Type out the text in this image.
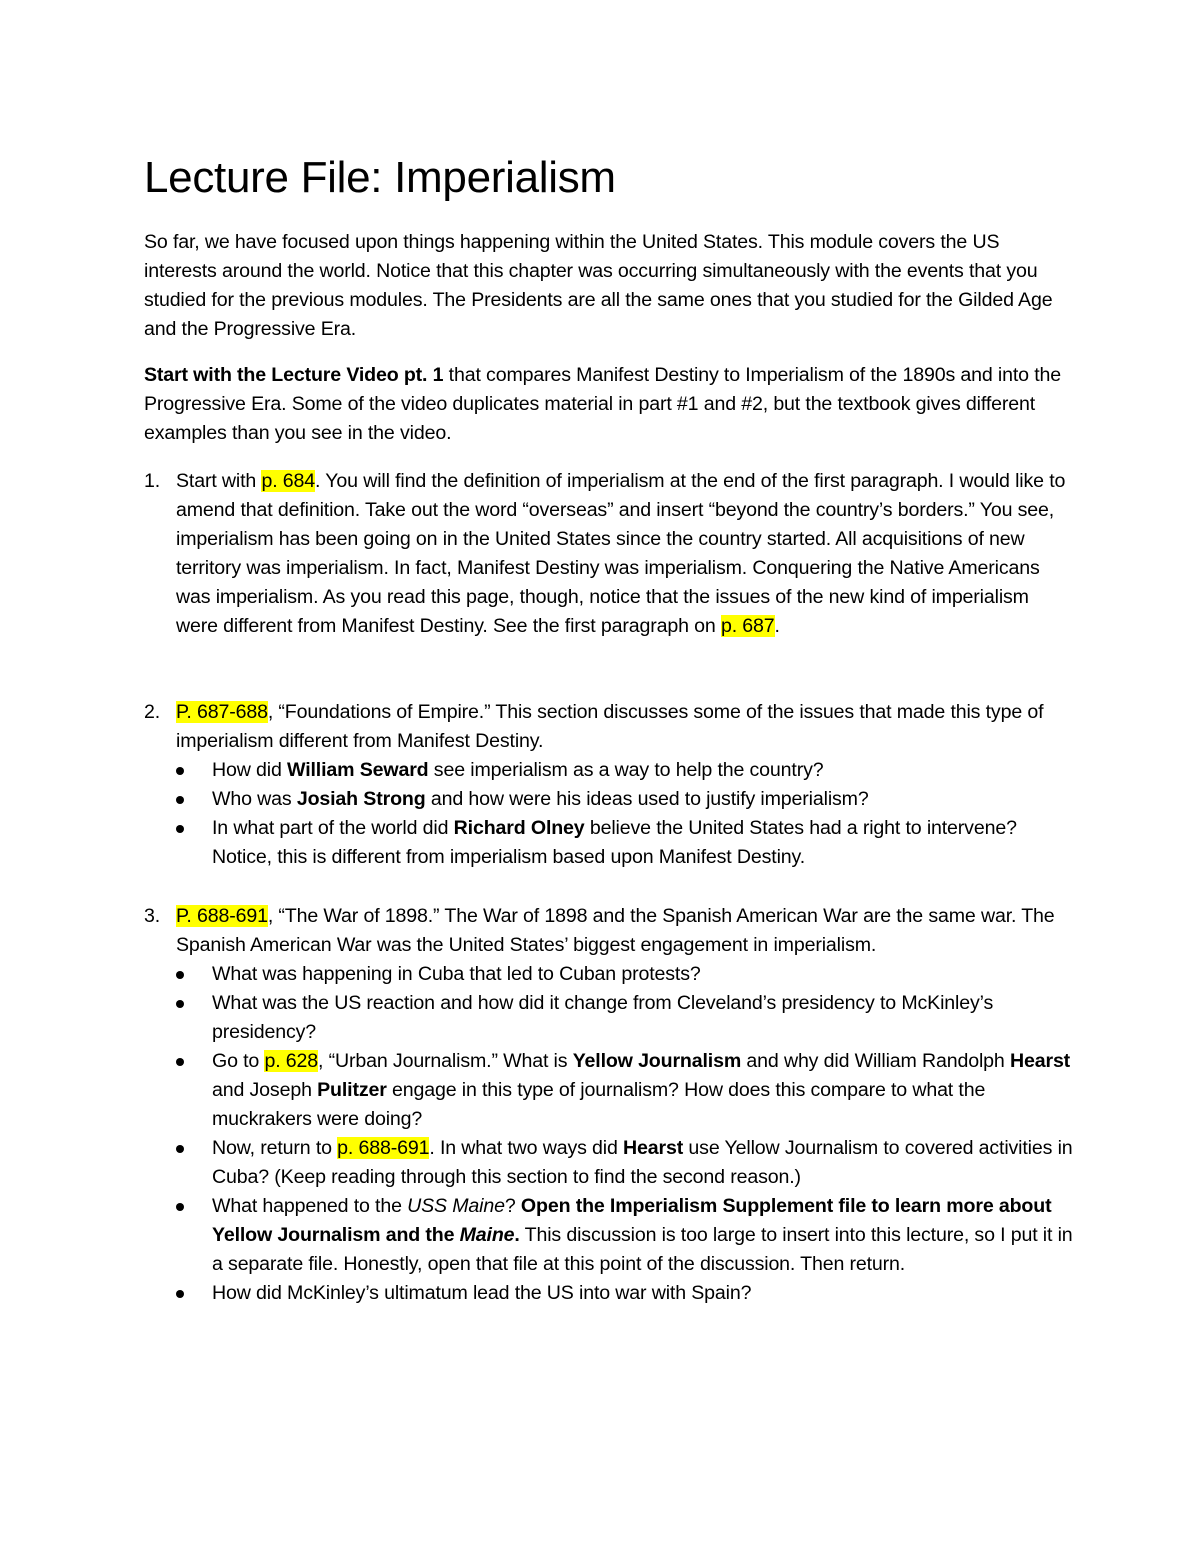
Lecture File: Imperialism
So far, we have focused upon things happening within the United States. This module covers the US interests around the world. Notice that this chapter was occurring simultaneously with the events that you studied for the previous modules. The Presidents are all the same ones that you studied for the Gilded Age and the Progressive Era.
Start with the Lecture Video pt. 1 that compares Manifest Destiny to Imperialism of the 1890s and into the Progressive Era. Some of the video duplicates material in part #1 and #2, but the textbook gives different examples than you see in the video.
1. Start with p. 684. You will find the definition of imperialism at the end of the first paragraph. I would like to amend that definition. Take out the word “overseas” and insert “beyond the country’s borders.” You see, imperialism has been going on in the United States since the country started. All acquisitions of new territory was imperialism. In fact, Manifest Destiny was imperialism. Conquering the Native Americans was imperialism. As you read this page, though, notice that the issues of the new kind of imperialism were different from Manifest Destiny. See the first paragraph on p. 687.
2. P. 687-688, “Foundations of Empire.” This section discusses some of the issues that made this type of imperialism different from Manifest Destiny.
How did William Seward see imperialism as a way to help the country?
Who was Josiah Strong and how were his ideas used to justify imperialism?
In what part of the world did Richard Olney believe the United States had a right to intervene? Notice, this is different from imperialism based upon Manifest Destiny.
3. P. 688-691, “The War of 1898.” The War of 1898 and the Spanish American War are the same war. The Spanish American War was the United States’ biggest engagement in imperialism.
What was happening in Cuba that led to Cuban protests?
What was the US reaction and how did it change from Cleveland’s presidency to McKinley’s presidency?
Go to p. 628, “Urban Journalism.” What is Yellow Journalism and why did William Randolph Hearst and Joseph Pulitzer engage in this type of journalism? How does this compare to what the muckrakers were doing?
Now, return to p. 688-691. In what two ways did Hearst use Yellow Journalism to covered activities in Cuba? (Keep reading through this section to find the second reason.)
What happened to the USS Maine? Open the Imperialism Supplement file to learn more about Yellow Journalism and the Maine. This discussion is too large to insert into this lecture, so I put it in a separate file. Honestly, open that file at this point of the discussion. Then return.
How did McKinley’s ultimatum lead the US into war with Spain?
